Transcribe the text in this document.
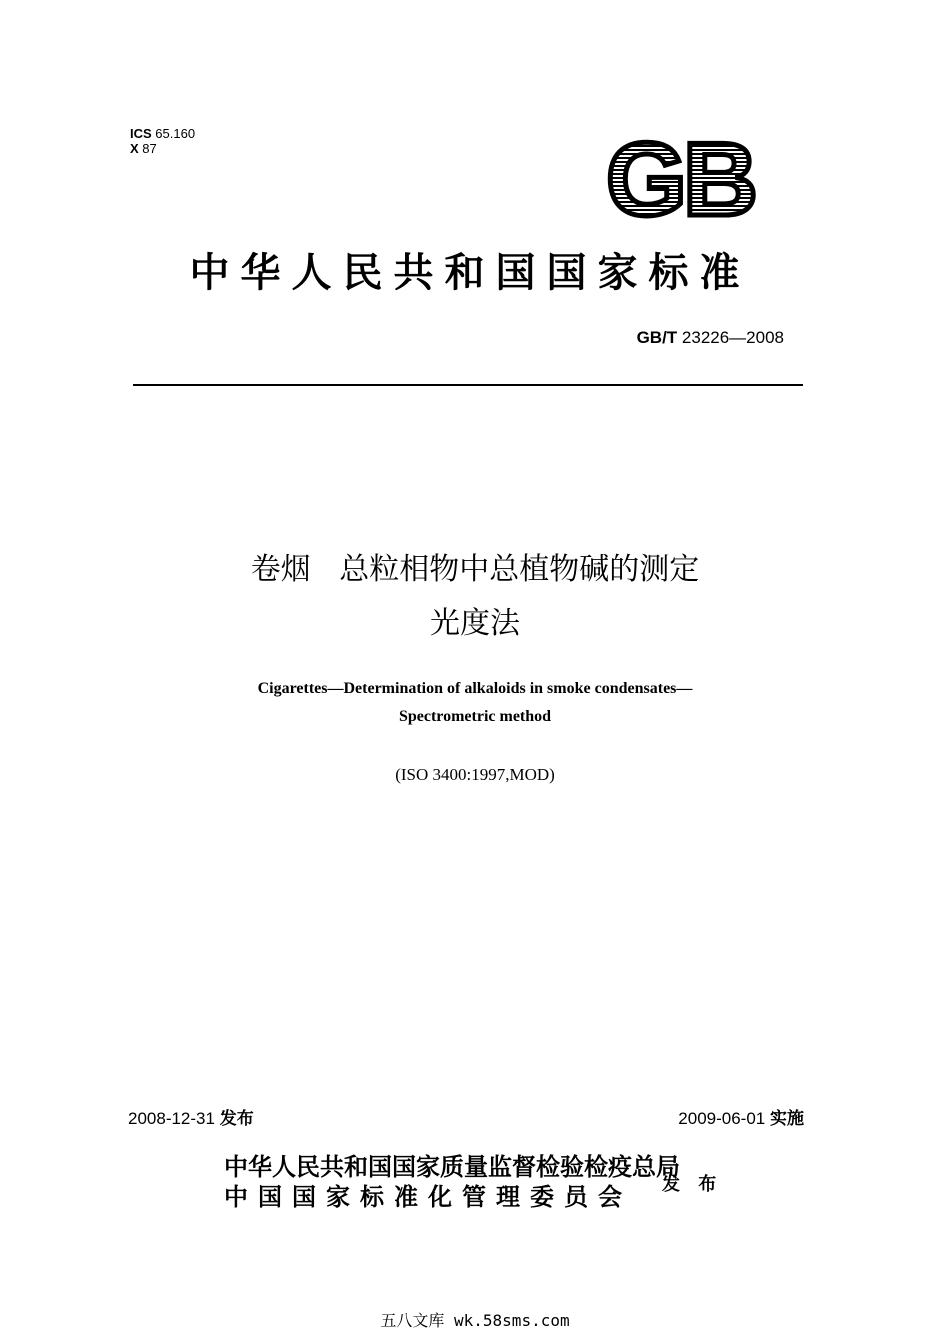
ICS 65.160
X 87	GB
中华人民共和国国家标准
GB/T 23226—2008
卷烟   总粒相物中总植物碱的测定
光度法
Cigarettes—Determination of alkaloids in smoke condensates—
Spectrometric method
(ISO 3400:1997,MOD)
2008-12-31 发布	2009-06-01 实施
中华人民共和国国家质量监督检验检疫总局
中国国家标准化管理委员会 发 布
五八文库 wk.58sms.com
